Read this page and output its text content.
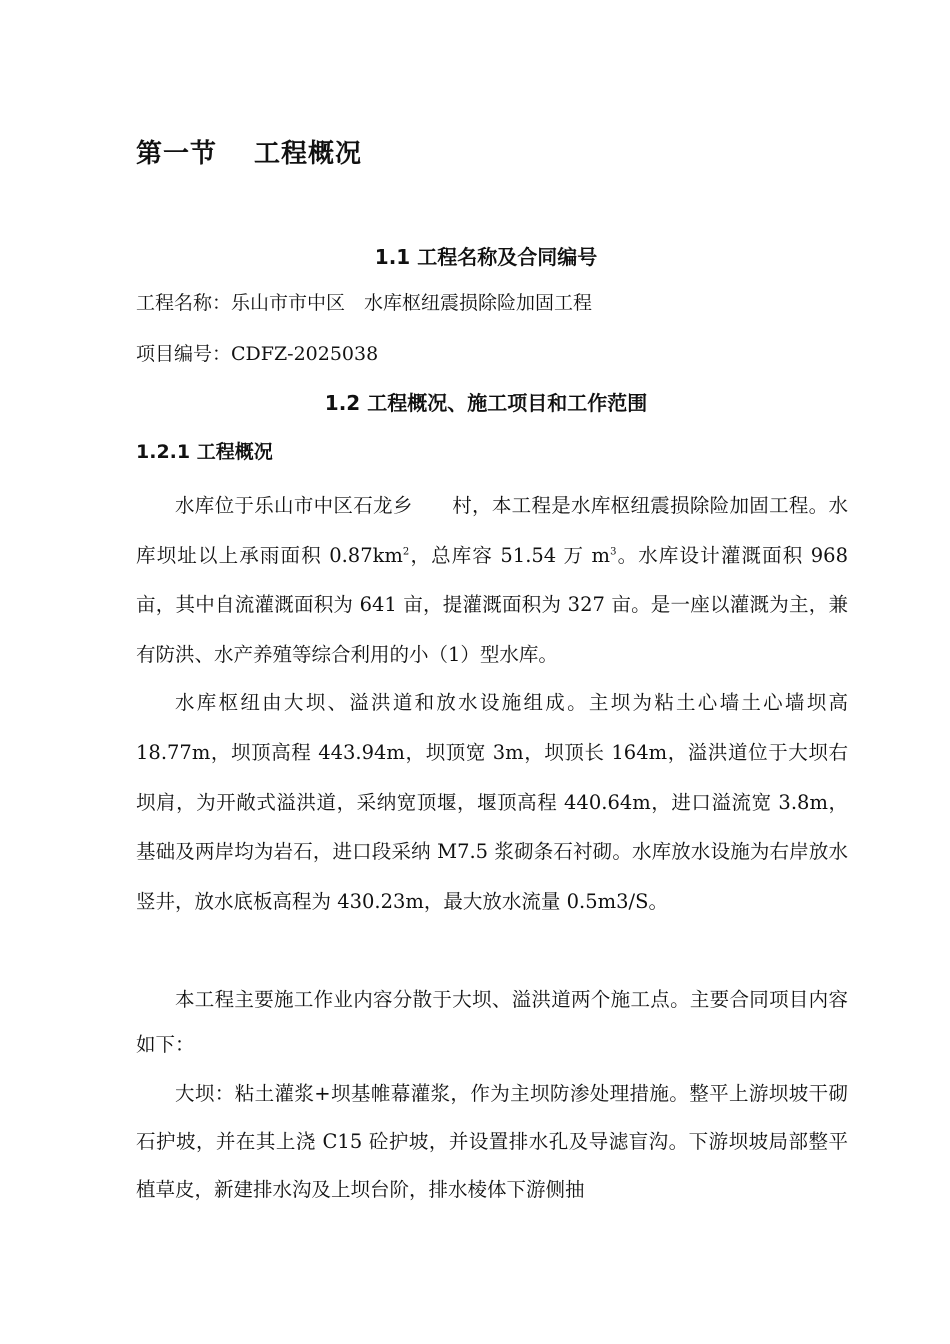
第一节　 工程概况
1.1 工程名称及合同编号
工程名称：乐山市市中区　水库枢纽震损除险加固工程
项目编号：CDFZ-2025038
1.2 工程概况、施工项目和工作范围
1.2.1 工程概况
水库位于乐山市中区石龙乡　　村，本工程是水库枢纽震损除险加固工程。水库坝址以上承雨面积 $0.87km^2$，总库容 51.54 万 $m^3$。水库设计灌溉面积 968 亩，其中自流灌溉面积为 641 亩，提灌溉面积为 327 亩。是一座以灌溉为主，兼有防洪、水产养殖等综合利用的小（1）型水库。
水库枢纽由大坝、溢洪道和放水设施组成。主坝为粘土心墙土心墙坝高 18.77m，坝顶高程 443.94m，坝顶宽 3m，坝顶长 164m，溢洪道位于大坝右坝肩，为开敞式溢洪道，采纳宽顶堰，堰顶高程 440.64m，进口溢流宽 3.8m，基础及两岸均为岩石，进口段采纳 M7.5 浆砌条石衬砌。水库放水设施为右岸放水竖井，放水底板高程为 430.23m，最大放水流量 0.5m3/S。
本工程主要施工作业内容分散于大坝、溢洪道两个施工点。主要合同项目内容如下：
大坝：粘土灌浆+坝基帷幕灌浆，作为主坝防渗处理措施。整平上游坝坡干砌石护坡，并在其上浇 C15 砼护坡，并设置排水孔及导滤盲沟。下游坝坡局部整平植草皮，新建排水沟及上坝台阶，排水棱体下游侧抽
